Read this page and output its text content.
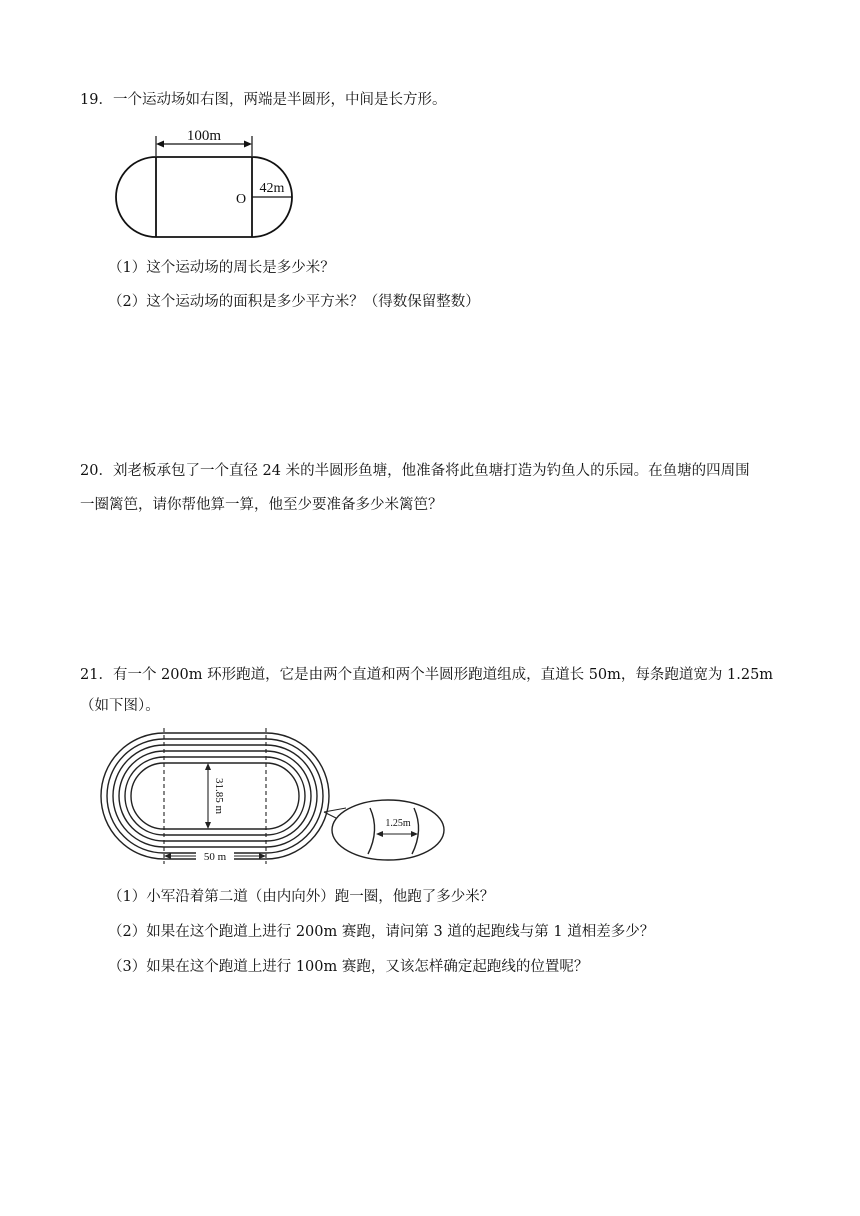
19．一个运动场如右图，两端是半圆形，中间是长方形。
100m
42m
O
（1）这个运动场的周长是多少米？
（2）这个运动场的面积是多少平方米？（得数保留整数）
20．刘老板承包了一个直径 24 米的半圆形鱼塘，他准备将此鱼塘打造为钓鱼人的乐园。在鱼塘的四周围
一圈篱笆，请你帮他算一算，他至少要准备多少米篱笆？
21．有一个 200m 环形跑道，它是由两个直道和两个半圆形跑道组成，直道长 50m，每条跑道宽为 1.25m
（如下图）。
31.85 m
50 m
1.25m
（1）小军沿着第二道（由内向外）跑一圈，他跑了多少米？
（2）如果在这个跑道上进行 200m 赛跑，请问第 3 道的起跑线与第 1 道相差多少？
（3）如果在这个跑道上进行 100m 赛跑，又该怎样确定起跑线的位置呢？
